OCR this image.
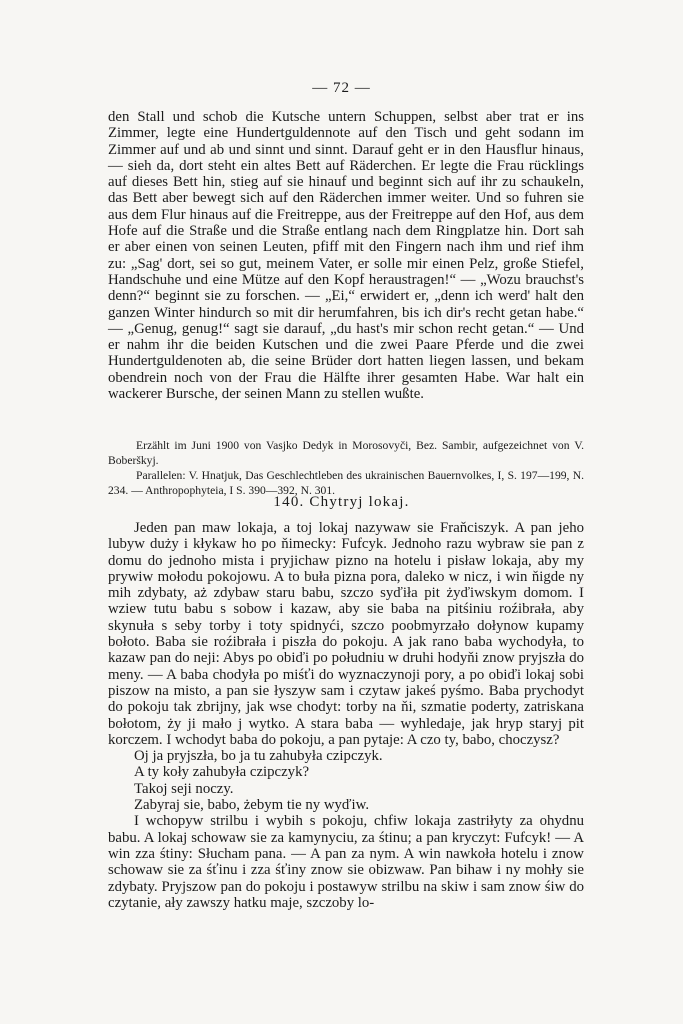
— 72 —

den Stall und schob die Kutsche untern Schuppen, selbst aber trat er ins Zimmer, legte eine Hundertguldennote auf den Tisch und geht sodann im Zimmer auf und ab und sinnt und sinnt. Darauf geht er in den Hausflur hinaus, — sieh da, dort steht ein altes Bett auf Räderchen. Er legte die Frau rücklings auf dieses Bett hin, stieg auf sie hinauf und beginnt sich auf ihr zu schaukeln, das Bett aber bewegt sich auf den Räderchen immer weiter. Und so fuhren sie aus dem Flur hinaus auf die Freitreppe, aus der Freitreppe auf den Hof, aus dem Hofe auf die Straße und die Straße entlang nach dem Ringplatze hin. Dort sah er aber einen von seinen Leuten, pfiff mit den Fingern nach ihm und rief ihm zu: „Sag' dort, sei so gut, meinem Vater, er solle mir einen Pelz, große Stiefel, Handschuhe und eine Mütze auf den Kopf heraustragen!“ — „Wozu brauchst's denn?“ beginnt sie zu forschen. — „Ei,“ erwidert er, „denn ich werd' halt den ganzen Winter hindurch so mit dir herumfahren, bis ich dir's recht getan habe.“ — „Genug, genug!“ sagt sie darauf, „du hast's mir schon recht getan.“ — Und er nahm ihr die beiden Kutschen und die zwei Paare Pferde und die zwei Hundertguldenoten ab, die seine Brüder dort hatten liegen lassen, und bekam obendrein noch von der Frau die Hälfte ihrer gesamten Habe. War halt ein wackerer Bursche, der seinen Mann zu stellen wußte.

Erzählt im Juni 1900 von Vasjko Dedyk in Morosovyči, Bez. Sambir, aufgezeichnet von V. Boberškyj.

Parallelen: V. Hnatjuk, Das Geschlechtleben des ukrainischen Bauernvolkes, I, S. 197—199, N. 234. — Anthropophyteia, I S. 390—392, N. 301.

140. Chytryj lokaj.

Jeden pan maw lokaja, a toj lokaj nazywaw sie Fraňciszyk. A pan jeho lubyw duży i kłykaw ho po ňimecky: Fufcyk. Jednoho razu wybraw sie pan z domu do jednoho mista i pryjichaw pizno na hotelu i pisław lokaja, aby my prywiw mołodu pokojowu. A to buła pizna pora, daleko w nicz, i win ňigde ny mih zdybaty, aż zdybaw staru babu, szczo syďiła pit żyďiwskym domom. I wziew tutu babu s sobow i kazaw, aby sie baba na pitśiniu roźibrała, aby skynuła s seby torby i toty spidnyći, szczo poobmyrzało dołynow kupamy bołoto. Baba sie roźibrała i piszła do pokoju. A jak rano baba wychodyła, to kazaw pan do neji: Abys po obiďi po południu w druhi hodyňi znow pryjszła do meny. — A baba chodyła po miśťi do wyznaczynoji pory, a po obiďi lokaj sobi piszow na misto, a pan sie łyszyw sam i czytaw jakeś pyśmo. Baba prychodyt do pokoju tak zbrijny, jak wse chodyt: torby na ňi, szmatie poderty, zatriskana bołotom, ży ji mało j wytko. A stara baba — wyhledaje, jak hryp staryj pit korczem. I wchodyt baba do pokoju, a pan pytaje: A czo ty, babo, choczysz?

Oj ja pryjszła, bo ja tu zahubyła czipczyk.

A ty koły zahubyła czipczyk?

Takoj seji noczy.

Zabyraj sie, babo, żebym tie ny wyďiw.

I wchopyw strilbu i wybih s pokoju, chfiw lokaja zastriłyty za ohydnu babu. A lokaj schowaw sie za kamynyciu, za śtinu; a pan kryczyt: Fufcyk! — A win zza śtiny: Słucham pana. — A pan za nym. A win nawkoła hotelu i znow schowaw sie za śťinu i zza śťiny znow sie obizwaw. Pan bihaw i ny mohły sie zdybaty. Pryjszow pan do pokoju i postawyw strilbu na skiw i sam znow śiw do czytanie, ały zawszy hatku maje, szczoby lo-
